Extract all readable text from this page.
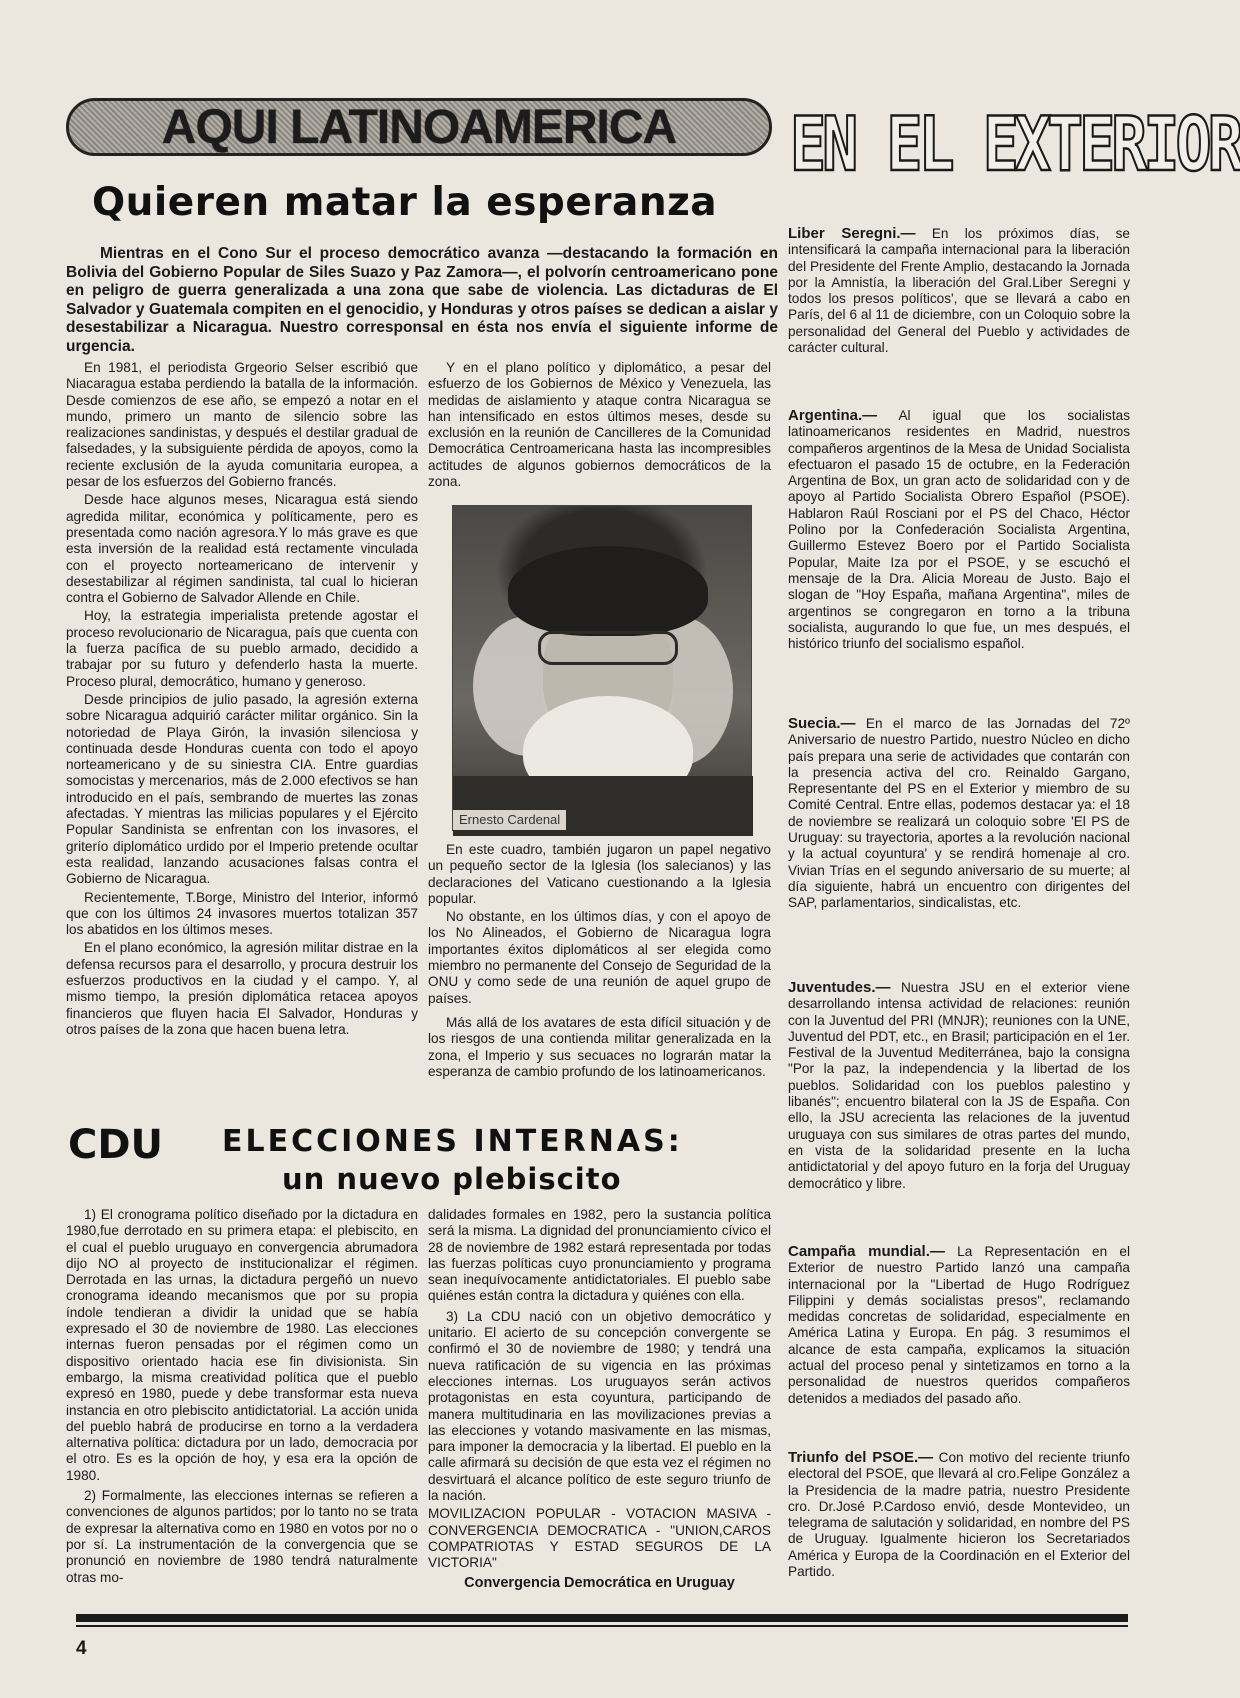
AQUI LATINOAMERICA EN EL EXTERIOR
Quieren matar la esperanza

Mientras en el Cono Sur el proceso democrático avanza —destacando la formación en Bolivia del Gobierno Popular de Siles Suazo y Paz Zamora—, el polvorín centroamericano pone en peligro de guerra generalizada a una zona que sabe de violencia. Las dictaduras de El Salvador y Guatemala compiten en el genocidio, y Honduras y otros países se dedican a aislar y desestabilizar a Nicaragua. Nuestro corresponsal en ésta nos envía el siguiente informe de urgencia.

En 1981, el periodista Grgeorio Selser escribió que Niacaragua estaba perdiendo la batalla de la información. Desde comienzos de ese año, se empezó a notar en el mundo, primero un manto de silencio sobre las realizaciones sandinistas, y después el destilar gradual de falsedades, y la subsiguiente pérdida de apoyos, como la reciente exclusión de la ayuda comunitaria europea, a pesar de los esfuerzos del Gobierno francés.

Desde hace algunos meses, Nicaragua está siendo agredida militar, económica y políticamente, pero es presentada como nación agresora.Y lo más grave es que esta inversión de la realidad está rectamente vinculada con el proyecto norteamericano de intervenir y desestabilizar al régimen sandinista, tal cual lo hicieran contra el Gobierno de Salvador Allende en Chile.

Hoy, la estrategia imperialista pretende agostar el proceso revolucionario de Nicaragua, país que cuenta con la fuerza pacífica de su pueblo armado, decidido a trabajar por su futuro y defenderlo hasta la muerte. Proceso plural, democrático, humano y generoso.

Desde principios de julio pasado, la agresión externa sobre Nicaragua adquirió carácter militar orgánico. Sin la notoriedad de Playa Girón, la invasión silenciosa y continuada desde Honduras cuenta con todo el apoyo norteamericano y de su siniestra CIA. Entre guardias somocistas y mercenarios, más de 2.000 efectivos se han introducido en el país, sembrando de muertes las zonas afectadas. Y mientras las milicias populares y el Ejército Popular Sandinista se enfrentan con los invasores, el griterío diplomático urdido por el Imperio pretende ocultar esta realidad, lanzando acusaciones falsas contra el Gobierno de Nicaragua.

Recientemente, T.Borge, Ministro del Interior, informó que con los últimos 24 invasores muertos totalizan 357 los abatidos en los últimos meses.

En el plano económico, la agresión militar distrae en la defensa recursos para el desarrollo, y procura destruir los esfuerzos productivos en la ciudad y el campo. Y, al mismo tiempo, la presión diplomática retacea apoyos financieros que fluyen hacia El Salvador, Honduras y otros países de la zona que hacen buena letra.

Y en el plano político y diplomático, a pesar del esfuerzo de los Gobiernos de México y Venezuela, las medidas de aislamiento y ataque contra Nicaragua se han intensificado en estos últimos meses, desde su exclusión en la reunión de Cancilleres de la Comunidad Democrática Centroamericana hasta las incompresibles actitudes de algunos gobiernos democráticos de la zona.

Ernesto Cardenal

En este cuadro, también jugaron un papel negativo un pequeño sector de la Iglesia (los salecianos) y las declaraciones del Vaticano cuestionando a la Iglesia popular.

No obstante, en los últimos días, y con el apoyo de los No Alineados, el Gobierno de Nicaragua logra importantes éxitos diplomáticos al ser elegida como miembro no permanente del Consejo de Seguridad de la ONU y como sede de una reunión de aquel grupo de países.

Más allá de los avatares de esta difícil situación y de los riesgos de una contienda militar generalizada en la zona, el Imperio y sus secuaces no lograrán matar la esperanza de cambio profundo de los latinoamericanos.

CDU ELECCIONES INTERNAS:
un nuevo plebiscito

1) El cronograma político diseñado por la dictadura en 1980,fue derrotado en su primera etapa: el plebiscito, en el cual el pueblo uruguayo en convergencia abrumadora dijo NO al proyecto de institucionalizar el régimen. Derrotada en las urnas, la dictadura pergeñó un nuevo cronograma ideando mecanismos que por su propia índole tendieran a dividir la unidad que se había expresado el 30 de noviembre de 1980. Las elecciones internas fueron pensadas por el régimen como un dispositivo orientado hacia ese fin divisionista. Sin embargo, la misma creatividad política que el pueblo expresó en 1980, puede y debe transformar esta nueva instancia en otro plebiscito antidictatorial. La acción unida del pueblo habrá de producirse en torno a la verdadera alternativa política: dictadura por un lado, democracia por el otro. Es es la opción de hoy, y esa era la opción de 1980.

2) Formalmente, las elecciones internas se refieren a convenciones de algunos partidos; por lo tanto no se trata de expresar la alternativa como en 1980 en votos por no o por sí. La instrumentación de la convergencia que se pronunció en noviembre de 1980 tendrá naturalmente otras mo-

dalidades formales en 1982, pero la sustancia política será la misma. La dignidad del pronunciamiento cívico el 28 de noviembre de 1982 estará representada por todas las fuerzas políticas cuyo pronunciamiento y programa sean inequívocamente antidictatoriales. El pueblo sabe quiénes están contra la dictadura y quiénes con ella.

3) La CDU nació con un objetivo democrático y unitario. El acierto de su concepción convergente se confirmó el 30 de noviembre de 1980; y tendrá una nueva ratificación de su vigencia en las próximas elecciones internas. Los uruguayos serán activos protagonistas en esta coyuntura, participando de manera multitudinaria en las movilizaciones previas a las elecciones y votando masivamente en las mismas, para imponer la democracia y la libertad. El pueblo en la calle afirmará su decisión de que esta vez el régimen no desvirtuará el alcance político de este seguro triunfo de la nación.

MOVILIZACION POPULAR - VOTACION MASIVA - CONVERGENCIA DEMOCRATICA - "UNION,CAROS COMPATRIOTAS Y ESTAD SEGUROS DE LA VICTORIA"

Convergencia Democrática en Uruguay

Liber Seregni.— En los próximos días, se intensificará la campaña internacional para la liberación del Presidente del Frente Amplio, destacando la Jornada por la Amnistía, la liberación del Gral.Liber Seregni y todos los presos políticos', que se llevará a cabo en París, del 6 al 11 de diciembre, con un Coloquio sobre la personalidad del General del Pueblo y actividades de carácter cultural.

Argentina.— Al igual que los socialistas latinoamericanos residentes en Madrid, nuestros compañeros argentinos de la Mesa de Unidad Socialista efectuaron el pasado 15 de octubre, en la Federación Argentina de Box, un gran acto de solidaridad con y de apoyo al Partido Socialista Obrero Español (PSOE). Hablaron Raúl Rosciani por el PS del Chaco, Héctor Polino por la Confederación Socialista Argentina, Guillermo Estevez Boero por el Partido Socialista Popular, Maite Iza por el PSOE, y se escuchó el mensaje de la Dra. Alicia Moreau de Justo. Bajo el slogan de "Hoy España, mañana Argentina", miles de argentinos se congregaron en torno a la tribuna socialista, augurando lo que fue, un mes después, el histórico triunfo del socialismo español.

Suecia.— En el marco de las Jornadas del 72º Aniversario de nuestro Partido, nuestro Núcleo en dicho país prepara una serie de actividades que contarán con la presencia activa del cro. Reinaldo Gargano, Representante del PS en el Exterior y miembro de su Comité Central. Entre ellas, podemos destacar ya: el 18 de noviembre se realizará un coloquio sobre 'El PS de Uruguay: su trayectoria, aportes a la revolución nacional y la actual coyuntura' y se rendirá homenaje al cro. Vivian Trías en el segundo aniversario de su muerte; al día siguiente, habrá un encuentro con dirigentes del SAP, parlamentarios, sindicalistas, etc.

Juventudes.— Nuestra JSU en el exterior viene desarrollando intensa actividad de relaciones: reunión con la Juventud del PRI (MNJR); reuniones con la UNE, Juventud del PDT, etc., en Brasil; participación en el 1er. Festival de la Juventud Mediterránea, bajo la consigna "Por la paz, la independencia y la libertad de los pueblos. Solidaridad con los pueblos palestino y libanés"; encuentro bilateral con la JS de España. Con ello, la JSU acrecienta las relaciones de la juventud uruguaya con sus similares de otras partes del mundo, en vista de la solidaridad presente en la lucha antidictatorial y del apoyo futuro en la forja del Uruguay democrático y libre.

Campaña mundial.— La Representación en el Exterior de nuestro Partido lanzó una campaña internacional por la "Libertad de Hugo Rodríguez Filippini y demás socialistas presos", reclamando medidas concretas de solidaridad, especialmente en América Latina y Europa. En pág. 3 resumimos el alcance de esta campaña, explicamos la situación actual del proceso penal y sintetizamos en torno a la personalidad de nuestros queridos compañeros detenidos a mediados del pasado año.

Triunfo del PSOE.— Con motivo del reciente triunfo electoral del PSOE, que llevará al cro.Felipe González a la Presidencia de la madre patria, nuestro Presidente cro. Dr.José P.Cardoso envió, desde Montevideo, un telegrama de salutación y solidaridad, en nombre del PS de Uruguay. Igualmente hicieron los Secretariados América y Europa de la Coordinación en el Exterior del Partido.

4
